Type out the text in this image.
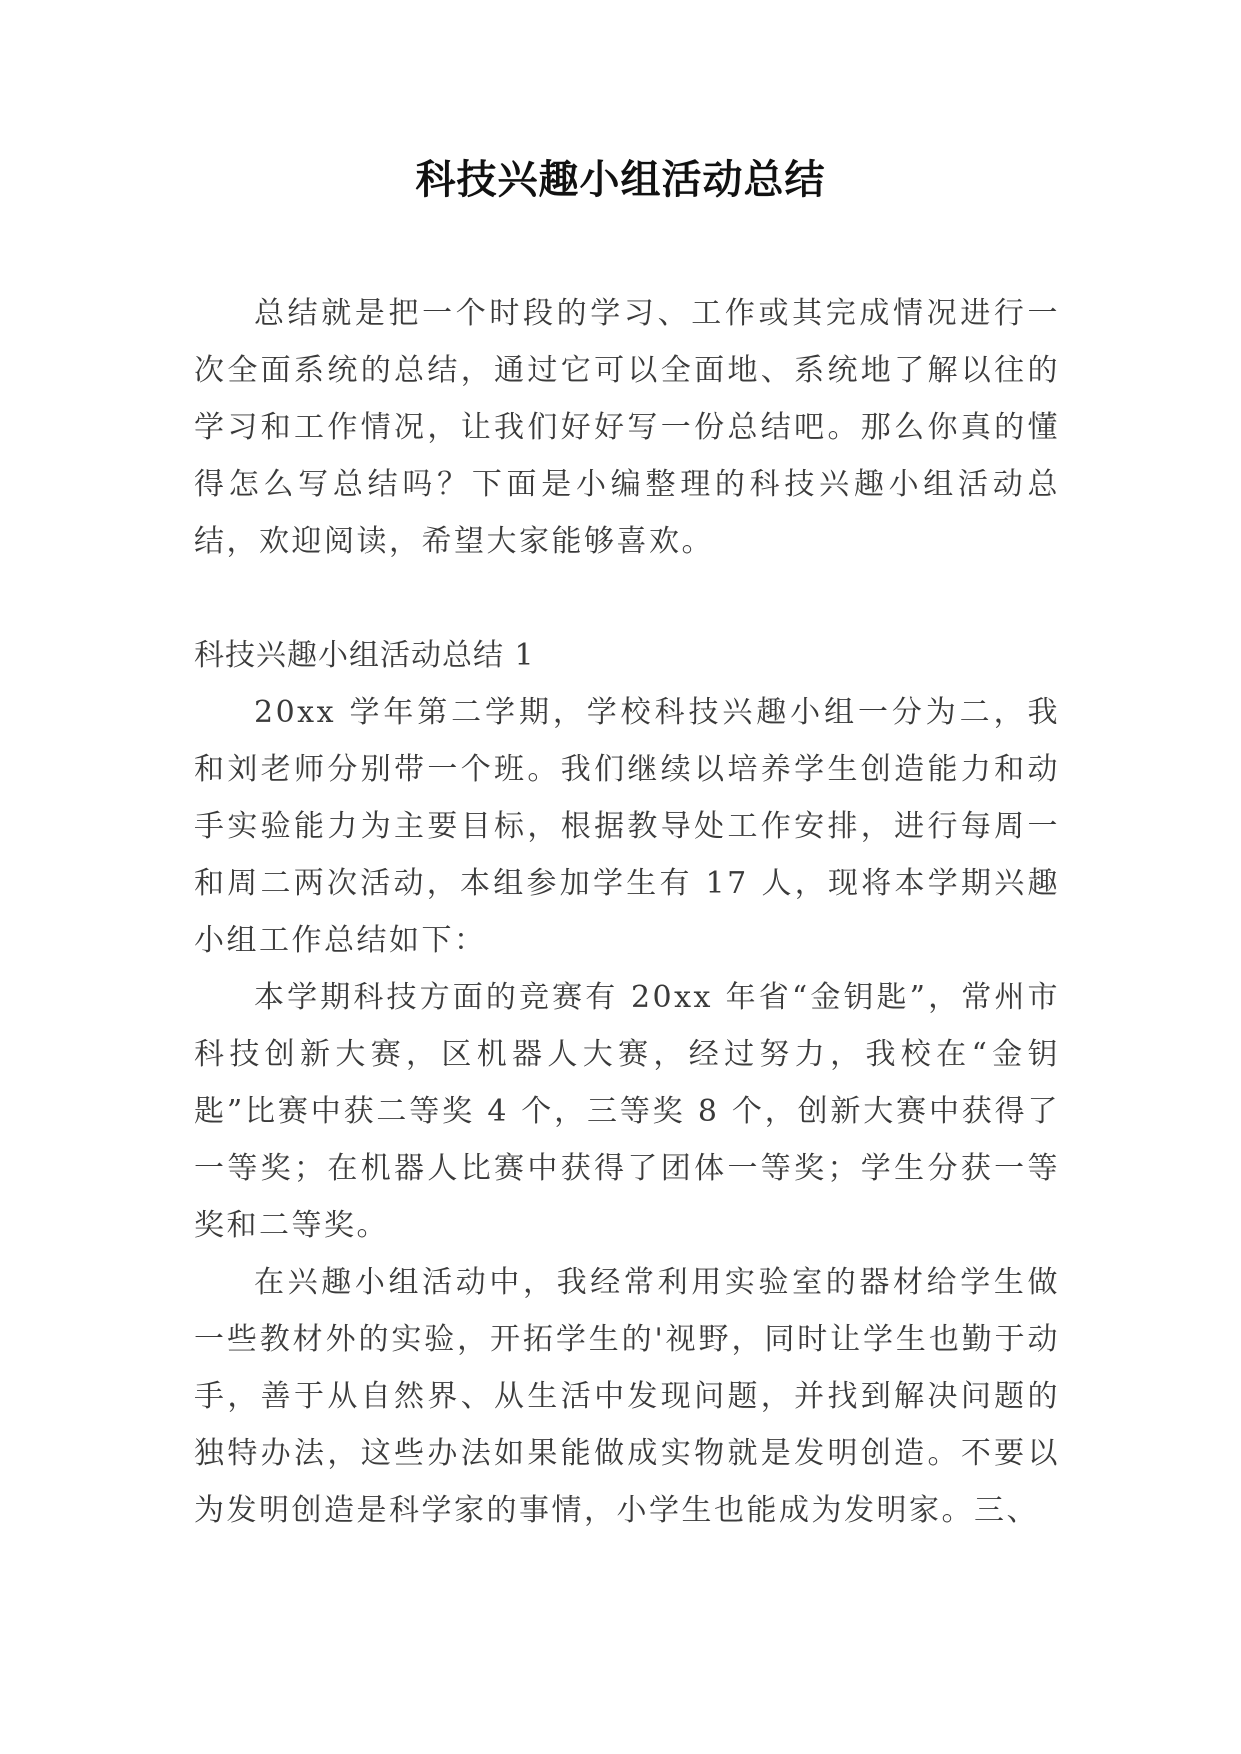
科技兴趣小组活动总结

总结就是把一个时段的学习、工作或其完成情况进行一次全面系统的总结，通过它可以全面地、系统地了解以往的学习和工作情况，让我们好好写一份总结吧。那么你真的懂得怎么写总结吗？下面是小编整理的科技兴趣小组活动总结，欢迎阅读，希望大家能够喜欢。

科技兴趣小组活动总结 1

20xx 学年第二学期，学校科技兴趣小组一分为二，我和刘老师分别带一个班。我们继续以培养学生创造能力和动手实验能力为主要目标，根据教导处工作安排，进行每周一和周二两次活动，本组参加学生有 17 人，现将本学期兴趣小组工作总结如下：

本学期科技方面的竞赛有 20xx 年省“金钥匙”，常州市科技创新大赛，区机器人大赛，经过努力，我校在“金钥匙”比赛中获二等奖 4 个，三等奖 8 个，创新大赛中获得了一等奖；在机器人比赛中获得了团体一等奖；学生分获一等奖和二等奖。

在兴趣小组活动中，我经常利用实验室的器材给学生做一些教材外的实验，开拓学生的'视野，同时让学生也勤于动手，善于从自然界、从生活中发现问题，并找到解决问题的独特办法，这些办法如果能做成实物就是发明创造。不要以为发明创造是科学家的事情，小学生也能成为发明家。三、
